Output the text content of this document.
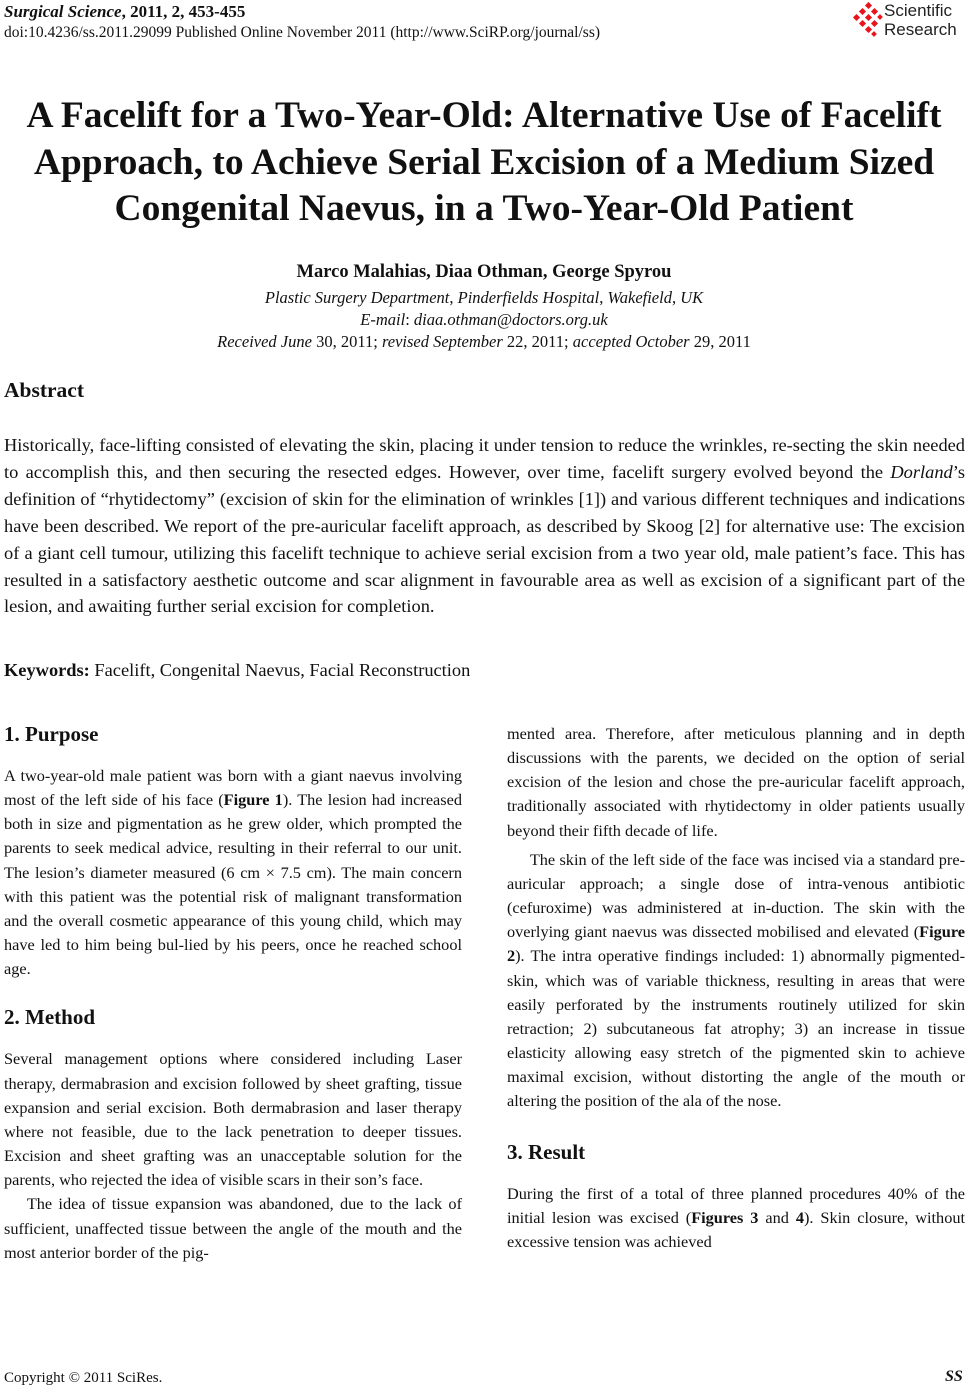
Surgical Science, 2011, 2, 453-455
doi:10.4236/ss.2011.29099 Published Online November 2011 (http://www.SciRP.org/journal/ss)
Scientific
Research
A Facelift for a Two-Year-Old: Alternative Use of Facelift
Approach, to Achieve Serial Excision of a Medium Sized
Congenital Naevus, in a Two-Year-Old Patient
Marco Malahias, Diaa Othman, George Spyrou
Plastic Surgery Department, Pinderfields Hospital, Wakefield, UK
E-mail: diaa.othman@doctors.org.uk
Received June 30, 2011; revised September 22, 2011; accepted October 29, 2011
Abstract
Historically, face-lifting consisted of elevating the skin, placing it under tension to reduce the wrinkles, re-secting the skin needed to accomplish this, and then securing the resected edges. However, over time, facelift surgery evolved beyond the Dorland’s definition of “rhytidectomy” (excision of skin for the elimination of wrinkles [1]) and various different techniques and indications have been described. We report of the pre-auricular facelift approach, as described by Skoog [2] for alternative use: The excision of a giant cell tumour, utilizing this facelift technique to achieve serial excision from a two year old, male patient’s face. This has resulted in a satisfactory aesthetic outcome and scar alignment in favourable area as well as excision of a significant part of the lesion, and awaiting further serial excision for completion.
Keywords: Facelift, Congenital Naevus, Facial Reconstruction
1. Purpose

A two-year-old male patient was born with a giant naevus involving most of the left side of his face (Figure 1). The lesion had increased both in size and pigmentation as he grew older, which prompted the parents to seek medical advice, resulting in their referral to our unit. The lesion’s diameter measured (6 cm × 7.5 cm). The main concern with this patient was the potential risk of malignant transformation and the overall cosmetic appearance of this young child, which may have led to him being bul-lied by his peers, once he reached school age.

2. Method

Several management options where considered including Laser therapy, dermabrasion and excision followed by sheet grafting, tissue expansion and serial excision. Both dermabrasion and laser therapy where not feasible, due to the lack penetration to deeper tissues. Excision and sheet grafting was an unacceptable solution for the parents, who rejected the idea of visible scars in their son’s face.

The idea of tissue expansion was abandoned, due to the lack of sufficient, unaffected tissue between the angle of the mouth and the most anterior border of the pig-

mented area. Therefore, after meticulous planning and in depth discussions with the parents, we decided on the option of serial excision of the lesion and chose the pre-auricular facelift approach, traditionally associated with rhytidectomy in older patients usually beyond their fifth decade of life.

The skin of the left side of the face was incised via a standard pre-auricular approach; a single dose of intra-venous antibiotic (cefuroxime) was administered at in-duction. The skin with the overlying giant naevus was dissected mobilised and elevated (Figure 2). The intra operative findings included: 1) abnormally pigmented-skin, which was of variable thickness, resulting in areas that were easily perforated by the instruments routinely utilized for skin retraction; 2) subcutaneous fat atrophy; 3) an increase in tissue elasticity allowing easy stretch of the pigmented skin to achieve maximal excision, without distorting the angle of the mouth or altering the position of the ala of the nose.

3. Result

During the first of a total of three planned procedures 40% of the initial lesion was excised (Figures 3 and 4). Skin closure, without excessive tension was achieved

Copyright © 2011 SciRes.	SS
